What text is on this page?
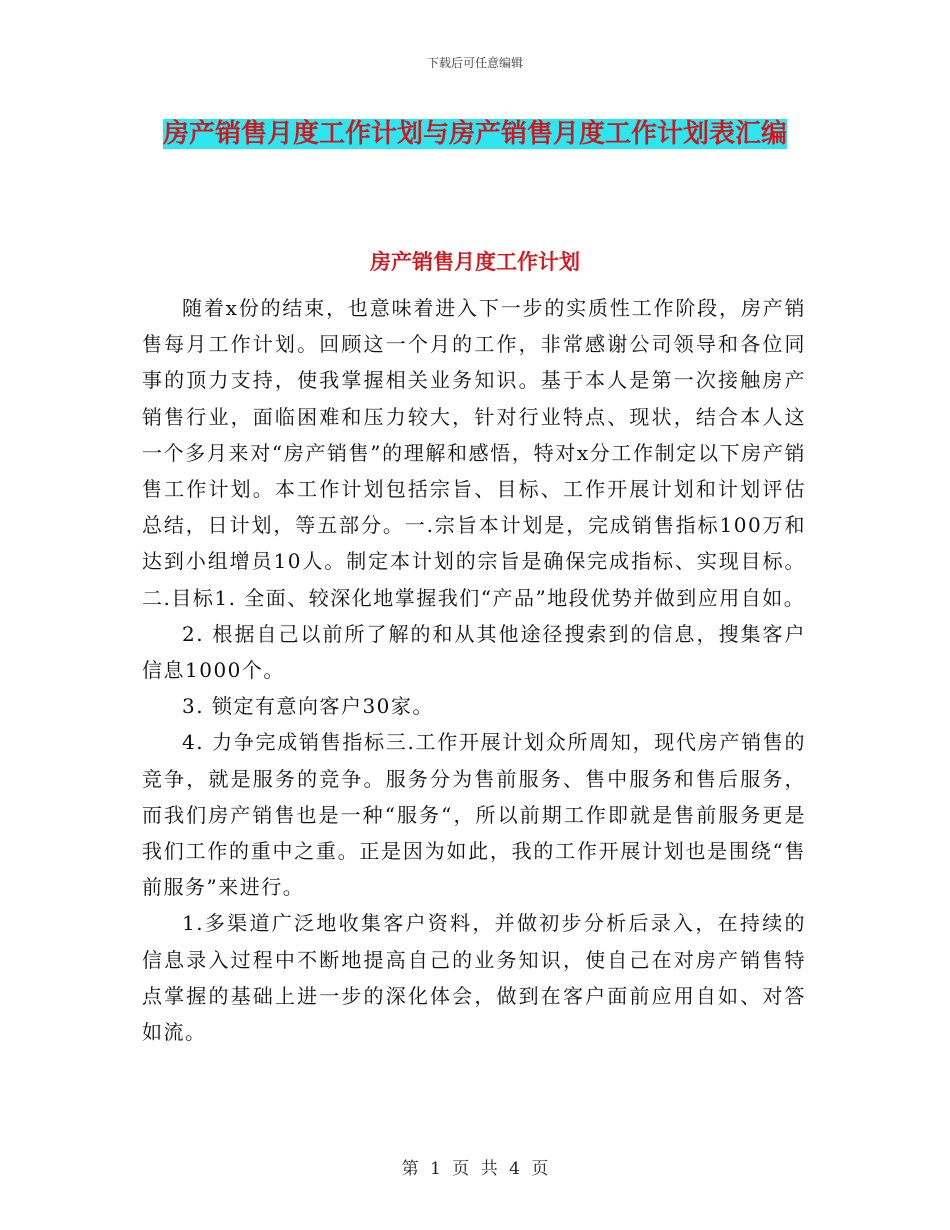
下载后可任意编辑
房产销售月度工作计划与房产销售月度工作计划表汇编
房产销售月度工作计划

随着x份的结束，也意味着进入下一步的实质性工作阶段，房产销售每月工作计划。回顾这一个月的工作，非常感谢公司领导和各位同事的顶力支持，使我掌握相关业务知识。基于本人是第一次接触房产销售行业，面临困难和压力较大，针对行业特点、现状，结合本人这一个多月来对“房产销售”的理解和感悟，特对x分工作制定以下房产销售工作计划。本工作计划包括宗旨、目标、工作开展计划和计划评估总结，日计划，等五部分。一.宗旨本计划是，完成销售指标100万和达到小组增员10人。制定本计划的宗旨是确保完成指标、实现目标。二.目标1. 全面、较深化地掌握我们“产品”地段优势并做到应用自如。

2. 根据自己以前所了解的和从其他途径搜索到的信息，搜集客户信息1000个。

3. 锁定有意向客户30家。

4. 力争完成销售指标三.工作开展计划众所周知，现代房产销售的竞争，就是服务的竞争。服务分为售前服务、售中服务和售后服务，而我们房产销售也是一种“服务“，所以前期工作即就是售前服务更是我们工作的重中之重。正是因为如此，我的工作开展计划也是围绕“售前服务”来进行。

1.多渠道广泛地收集客户资料，并做初步分析后录入，在持续的信息录入过程中不断地提高自己的业务知识，使自己在对房产销售特点掌握的基础上进一步的深化体会，做到在客户面前应用自如、对答如流。

第 1 页 共 4 页
